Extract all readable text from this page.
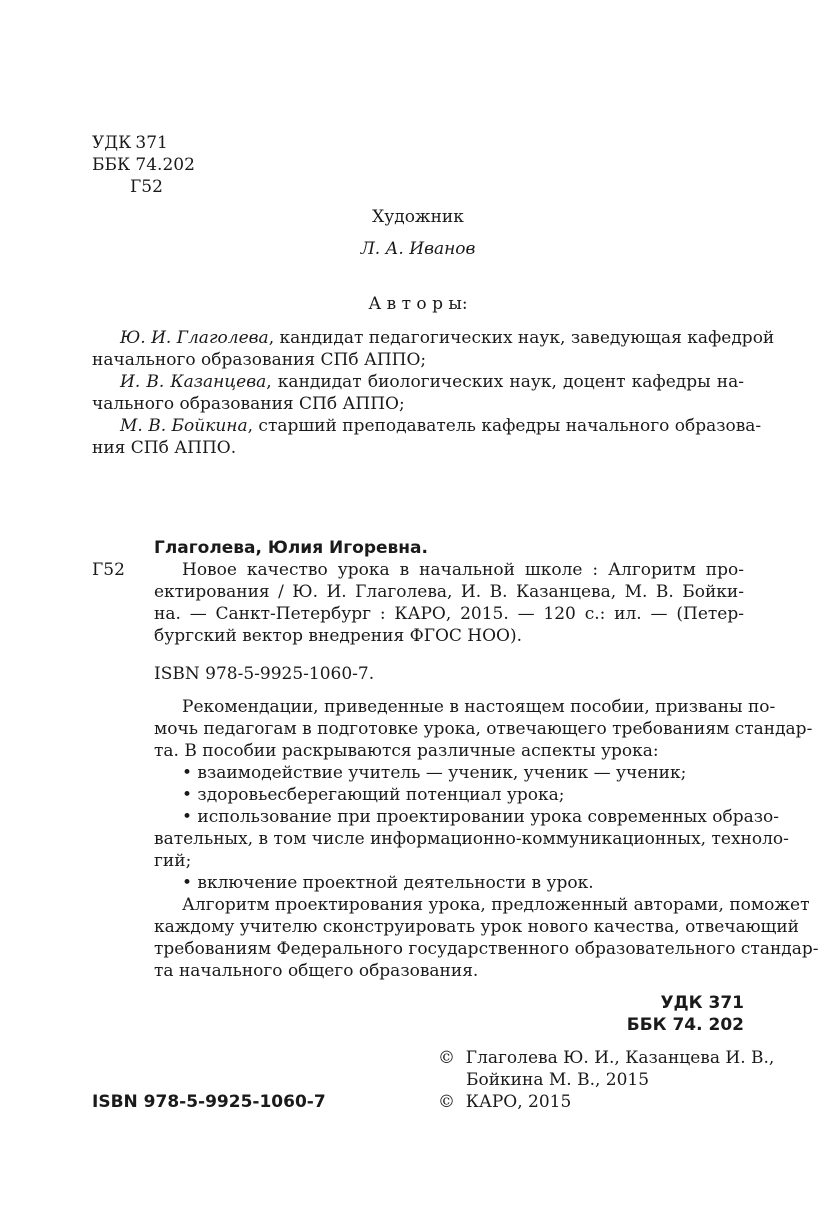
УДК 371
ББК 74.202
Г52
Художник
Л. А. Иванов
А в т о р ы:
Ю. И. Глаголева, кандидат педагогических наук, заведующая кафедрой
начального образования СПб АППО;
И. В. Казанцева, кандидат биологических наук, доцент кафедры на-
чального образования СПб АППО;
М. В. Бойкина, старший преподаватель кафедры начального образова-
ния СПб АППО.
Глаголева, Юлия Игоревна.
Г52	Новое качество урока в начальной школе : Алгоритм про-
ектирования / Ю. И. Глаголева, И. В. Казанцева, М. В. Бойки-
на. — Санкт-Петербург : КАРО, 2015. — 120 с.: ил. — (Петер-
бургский вектор внедрения ФГОС НОО).
ISBN 978-5-9925-1060-7.
Рекомендации, приведенные в настоящем пособии, призваны по-
мочь педагогам в подготовке урока, отвечающего требованиям стандар-
та. В пособии раскрываются различные аспекты урока:
• взаимодействие учитель — ученик, ученик — ученик;
• здоровьесберегающий потенциал урока;
• использование при проектировании урока современных образо-
вательных, в том числе информационно-коммуникационных, техноло-
гий;
• включение проектной деятельности в урок.
Алгоритм проектирования урока, предложенный авторами, поможет
каждому учителю сконструировать урок нового качества, отвечающий
требованиям Федерального государственного образовательного стандар-
та начального общего образования.
УДК 371
ББК 74. 202
©  Глаголева Ю. И., Казанцева И. В.,
Бойкина М. В., 2015
©  КАРО, 2015
ISBN 978-5-9925-1060-7
